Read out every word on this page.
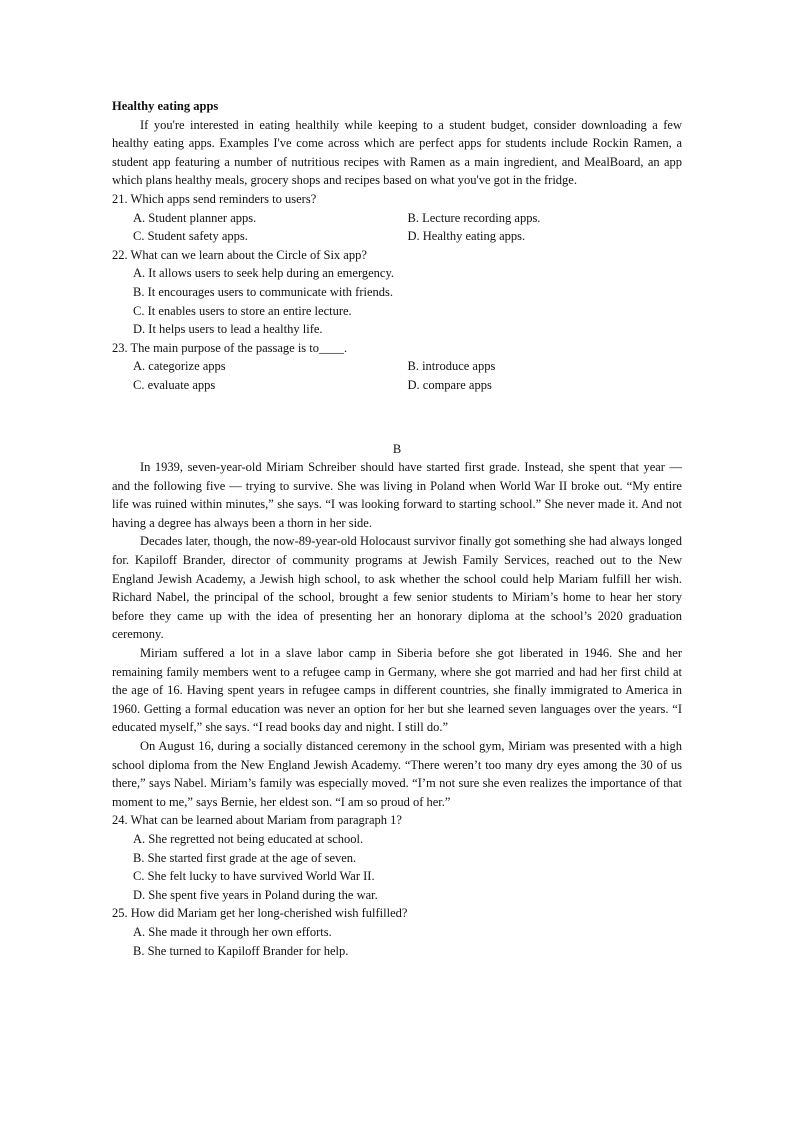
Healthy eating apps

If you're interested in eating healthily while keeping to a student budget, consider downloading a few healthy eating apps. Examples I've come across which are perfect apps for students include Rockin Ramen, a student app featuring a number of nutritious recipes with Ramen as a main ingredient, and MealBoard, an app which plans healthy meals, grocery shops and recipes based on what you've got in the fridge.

21. Which apps send reminders to users?

A. Student planner apps.	B. Lecture recording apps.
C. Student safety apps.	D. Healthy eating apps.

22. What can we learn about the Circle of Six app?

A. It allows users to seek help during an emergency.
B. It encourages users to communicate with friends.
C. It enables users to store an entire lecture.
D. It helps users to lead a healthy life.

23. The main purpose of the passage is to____.

A. categorize apps	B. introduce apps
C. evaluate apps	D. compare apps

B

In 1939, seven-year-old Miriam Schreiber should have started first grade. Instead, she spent that year — and the following five — trying to survive. She was living in Poland when World War II broke out. “My entire life was ruined within minutes,” she says. “I was looking forward to starting school.” She never made it. And not having a degree has always been a thorn in her side.

Decades later, though, the now-89-year-old Holocaust survivor finally got something she had always longed for. Kapiloff Brander, director of community programs at Jewish Family Services, reached out to the New England Jewish Academy, a Jewish high school, to ask whether the school could help Mariam fulfill her wish. Richard Nabel, the principal of the school, brought a few senior students to Miriam’s home to hear her story before they came up with the idea of presenting her an honorary diploma at the school’s 2020 graduation ceremony.

Miriam suffered a lot in a slave labor camp in Siberia before she got liberated in 1946. She and her remaining family members went to a refugee camp in Germany, where she got married and had her first child at the age of 16. Having spent years in refugee camps in different countries, she finally immigrated to America in 1960. Getting a formal education was never an option for her but she learned seven languages over the years. “I educated myself,” she says. “I read books day and night. I still do.”

On August 16, during a socially distanced ceremony in the school gym, Miriam was presented with a high school diploma from the New England Jewish Academy. “There weren’t too many dry eyes among the 30 of us there,” says Nabel. Miriam’s family was especially moved. “I’m not sure she even realizes the importance of that moment to me,” says Bernie, her eldest son. “I am so proud of her.”

24. What can be learned about Mariam from paragraph 1?

A. She regretted not being educated at school.
B. She started first grade at the age of seven.
C. She felt lucky to have survived World War II.
D. She spent five years in Poland during the war.

25. How did Mariam get her long-cherished wish fulfilled?

A. She made it through her own efforts.
B. She turned to Kapiloff Brander for help.
